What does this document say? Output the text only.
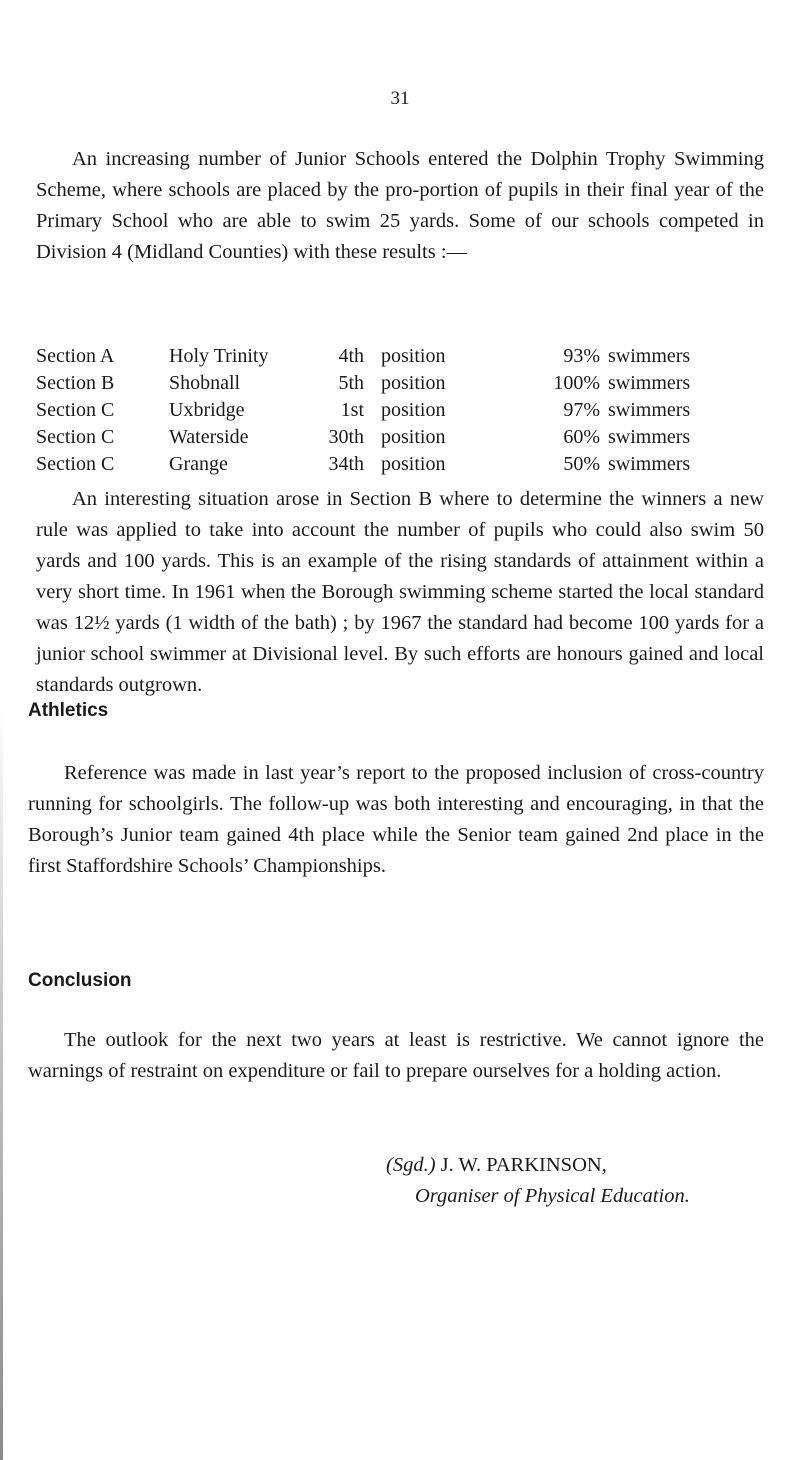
31

An increasing number of Junior Schools entered the Dolphin Trophy Swimming Scheme, where schools are placed by the pro-portion of pupils in their final year of the Primary School who are able to swim 25 yards. Some of our schools competed in Division 4 (Midland Counties) with these results :—

Section A	Holy Trinity	4th position	93% swimmers
Section B	Shobnall	5th position	100% swimmers
Section C	Uxbridge	1st position	97% swimmers
Section C	Waterside	30th position	60% swimmers
Section C	Grange	34th position	50% swimmers

An interesting situation arose in Section B where to determine the winners a new rule was applied to take into account the number of pupils who could also swim 50 yards and 100 yards. This is an example of the rising standards of attainment within a very short time. In 1961 when the Borough swimming scheme started the local standard was 12½ yards (1 width of the bath) ; by 1967 the standard had become 100 yards for a junior school swimmer at Divisional level. By such efforts are honours gained and local standards outgrown.

Athletics

Reference was made in last year’s report to the proposed inclusion of cross-country running for schoolgirls. The follow-up was both interesting and encouraging, in that the Borough’s Junior team gained 4th place while the Senior team gained 2nd place in the first Staffordshire Schools’ Championships.

Conclusion

The outlook for the next two years at least is restrictive. We cannot ignore the warnings of restraint on expenditure or fail to prepare ourselves for a holding action.

(Sgd.) J. W. PARKINSON,
Organiser of Physical Education.
